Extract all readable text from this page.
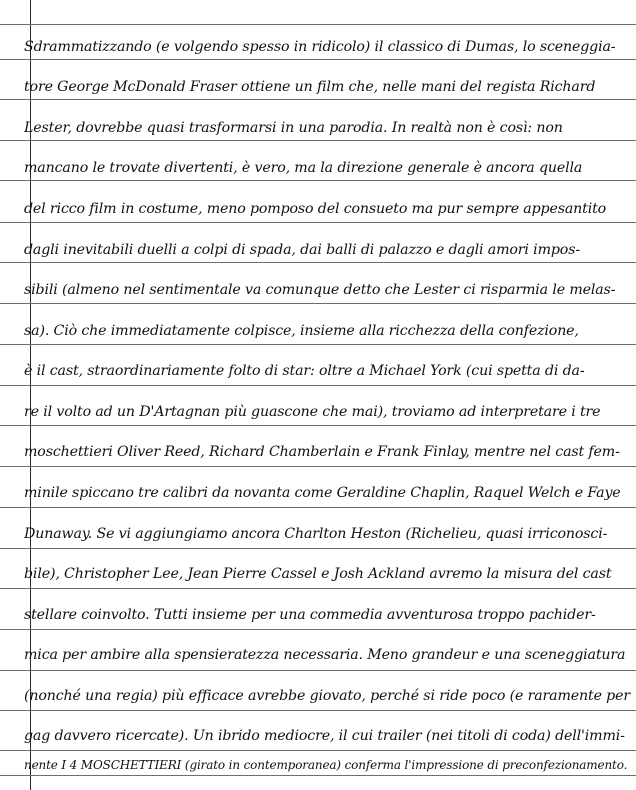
Sdrammatizzando (e volgendo spesso in ridicolo) il classico di Dumas, lo sceneggia-
tore George McDonald Fraser ottiene un film che, nelle mani del regista Richard
Lester, dovrebbe quasi trasformarsi in una parodia. In realtà non è così: non
mancano le trovate divertenti, è vero, ma la direzione generale è ancora quella
del ricco film in costume, meno pomposo del consueto ma pur sempre appesantito
dagli inevitabili duelli a colpi di spada, dai balli di palazzo e dagli amori impos-
sibili (almeno nel sentimentale va comunque detto che Lester ci risparmia le melas-
sa). Ciò che immediatamente colpisce, insieme alla ricchezza della confezione,
è il cast, straordinariamente folto di star: oltre a Michael York (cui spetta di da-
re il volto ad un D'Artagnan più guascone che mai), troviamo ad interpretare i tre
moschettieri Oliver Reed, Richard Chamberlain e Frank Finlay, mentre nel cast fem-
minile spiccano tre calibri da novanta come Geraldine Chaplin, Raquel Welch e Faye
Dunaway. Se vi aggiungiamo ancora Charlton Heston (Richelieu, quasi irriconosci-
bile), Christopher Lee, Jean Pierre Cassel e Josh Ackland avremo la misura del cast
stellare coinvolto. Tutti insieme per una commedia avventurosa troppo pachider-
mica per ambire alla spensieratezza necessaria. Meno grandeur e una sceneggiatura
(nonché una regia) più efficace avrebbe giovato, perché si ride poco (e raramente per
gag davvero ricercate). Un ibrido mediocre, il cui trailer (nei titoli di coda) dell'immi-
nente I 4 MOSCHETTIERI (girato in contemporanea) conferma l'impressione di preconfezionamento.
